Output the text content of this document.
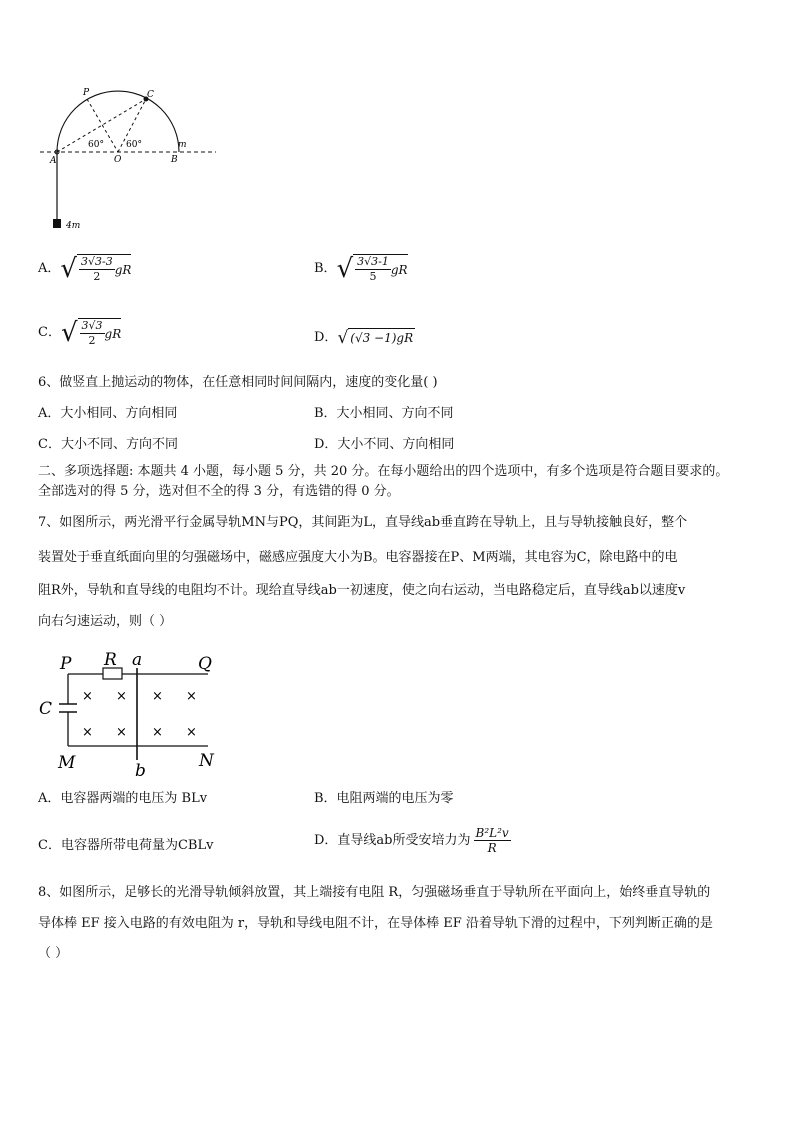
P	C
A	O	B
m
60° 60°
4m
A． √ $\frac{3√3-3}{2}$ gR	B． √ $\frac{3√3-1}{5}$ gR
C． √ $\frac{3√3}{2}$ gR	D． √ (√3 −1)gR
6、做竖直上抛运动的物体，在任意相同时间间隔内，速度的变化量( )
A．大小相同、方向相同	B．大小相同、方向不同
C．大小不同、方向不同	D．大小不同、方向相同
二、多项选择题: 本题共 4 小题，每小题 5 分，共 20 分。在每小题给出的四个选项中，有多个选项是符合题目要求的。
全部选对的得 5 分，选对但不全的得 3 分，有选错的得 0 分。
7、如图所示，两光滑平行金属导轨MN与PQ，其间距为L，直导线ab垂直跨在导轨上，且与导轨接触良好，整个
装置处于垂直纸面向里的匀强磁场中，磁感应强度大小为B。电容器接在P、M两端，其电容为C，除电路中的电
阻R外，导轨和直导线的电阻均不计。现给直导线ab一初速度，使之向右运动，当电路稳定后，直导线ab以速度v
向右匀速运动，则（ ）
× × × ×
× × × ×
P R a	Q
C
M	b	N
A．电容器两端的电压为 BLv	B．电阻两端的电压为零
C．电容器所带电荷量为CBLv	D．直导线ab所受安培力为 $\frac{\text{B²L²v}}{R}$
8、如图所示，足够长的光滑导轨倾斜放置，其上端接有电阻 R，匀强磁场垂直于导轨所在平面向上，始终垂直导轨的
导体棒 EF 接入电路的有效电阻为 r，导轨和导线电阻不计，在导体棒 EF 沿着导轨下滑的过程中，下列判断正确的是
（ ）
